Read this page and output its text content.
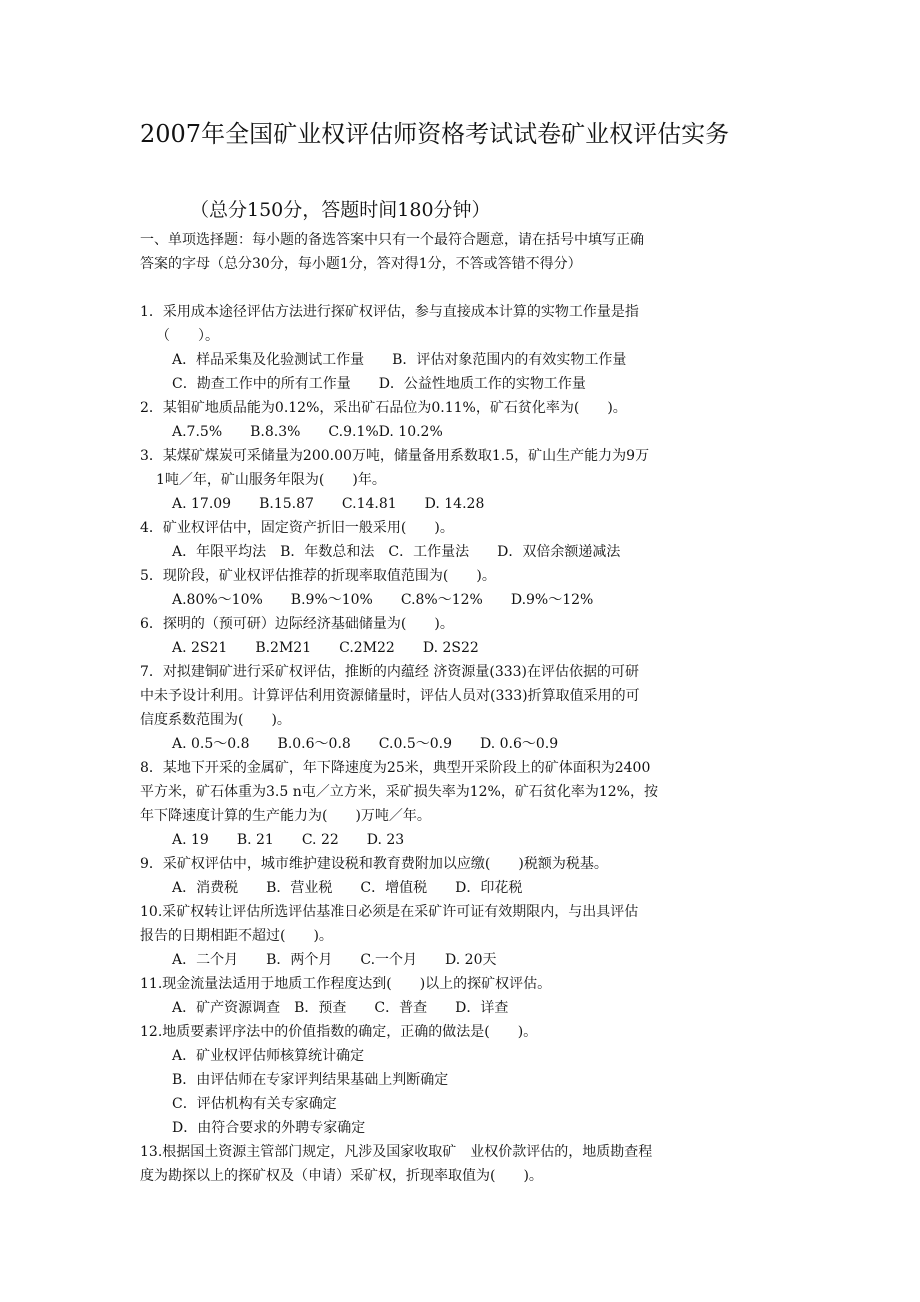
2007年全国矿业权评估师资格考试试卷矿业权评估实务
（总分150分，答题时间180分钟）
一、单项选择题：每小题的备选答案中只有一个最符合题意，请在括号中填写正确
答案的字母（总分30分，每小题1分，答对得1分，不答或答错不得分）
1．采用成本途径评估方法进行探矿权评估，参与直接成本计算的实物工作量是指
（　　）。
A．样品采集及化验测试工作量　　B．评估对象范围内的有效实物工作量
C．勘查工作中的所有工作量　　D．公益性地质工作的实物工作量
2．某钼矿地质品能为0.12%，采出矿石品位为0.11%，矿石贫化率为(　　)。
A.7.5%　　B.8.3%　　C.9.1%D. 10.2%
3．某煤矿煤炭可采储量为200.00万吨，储量备用系数取1.5，矿山生产能力为9万
1吨／年，矿山服务年限为(　　)年。
A. 17.09　　B.15.87　　C.14.81　　D. 14.28
4．矿业权评估中，固定资产折旧一般采用(　　)。
A．年限平均法　B．年数总和法　C．工作量法　　D．双倍余额递减法
5．现阶段，矿业权评估推荐的折现率取值范围为(　　)。
A.80%～10%　　B.9%～10%　　C.8%～12%　　D.9%～12%
6．探明的（预可研）边际经济基础储量为(　　)。
A. 2S21　　B.2M21　　C.2M22　　D. 2S22
7．对拟建铜矿进行采矿权评估，推断的内蕴经 济资源量(333)在评估依据的可研
中未予设计利用。计算评估利用资源储量时，评估人员对(333)折算取值采用的可
信度系数范围为(　　)。
A. 0.5～0.8　　B.0.6～0.8　　C.0.5～0.9　　D. 0.6～0.9
8．某地下开采的金属矿，年下降速度为25米，典型开采阶段上的矿体面积为2400
平方米，矿石体重为3.5 n屯／立方米，采矿损失率为12%，矿石贫化率为12%，按
年下降速度计算的生产能力为(　　)万吨／年。
A. 19　　B. 21　　C. 22　　D. 23
9．采矿权评估中，城市维护建设税和教育费附加以应缴(　　)税额为税基。
A．消费税　　B．营业税　　C．增值税　　D．印花税
10.采矿权转让评估所选评估基准日必须是在采矿许可证有效期限内，与出具评估
报告的日期相距不超过(　　)。
A．二个月　　B．两个月　　C.一个月　　D. 20天
11.现金流量法适用于地质工作程度达到(　　)以上的探矿权评估。
A．矿产资源调查　B．预查　　C．普查　　D．详查
12.地质要素评序法中的价值指数的确定，正确的做法是(　　)。
A．矿业权评估师核算统计确定
B．由评估师在专家评判结果基础上判断确定
C．评估机构有关专家确定
D．由符合要求的外聘专家确定
13.根据国土资源主管部门规定，凡涉及国家收取矿　业权价款评估的，地质勘查程
度为勘探以上的探矿权及（申请）采矿权，折现率取值为(　　)。
